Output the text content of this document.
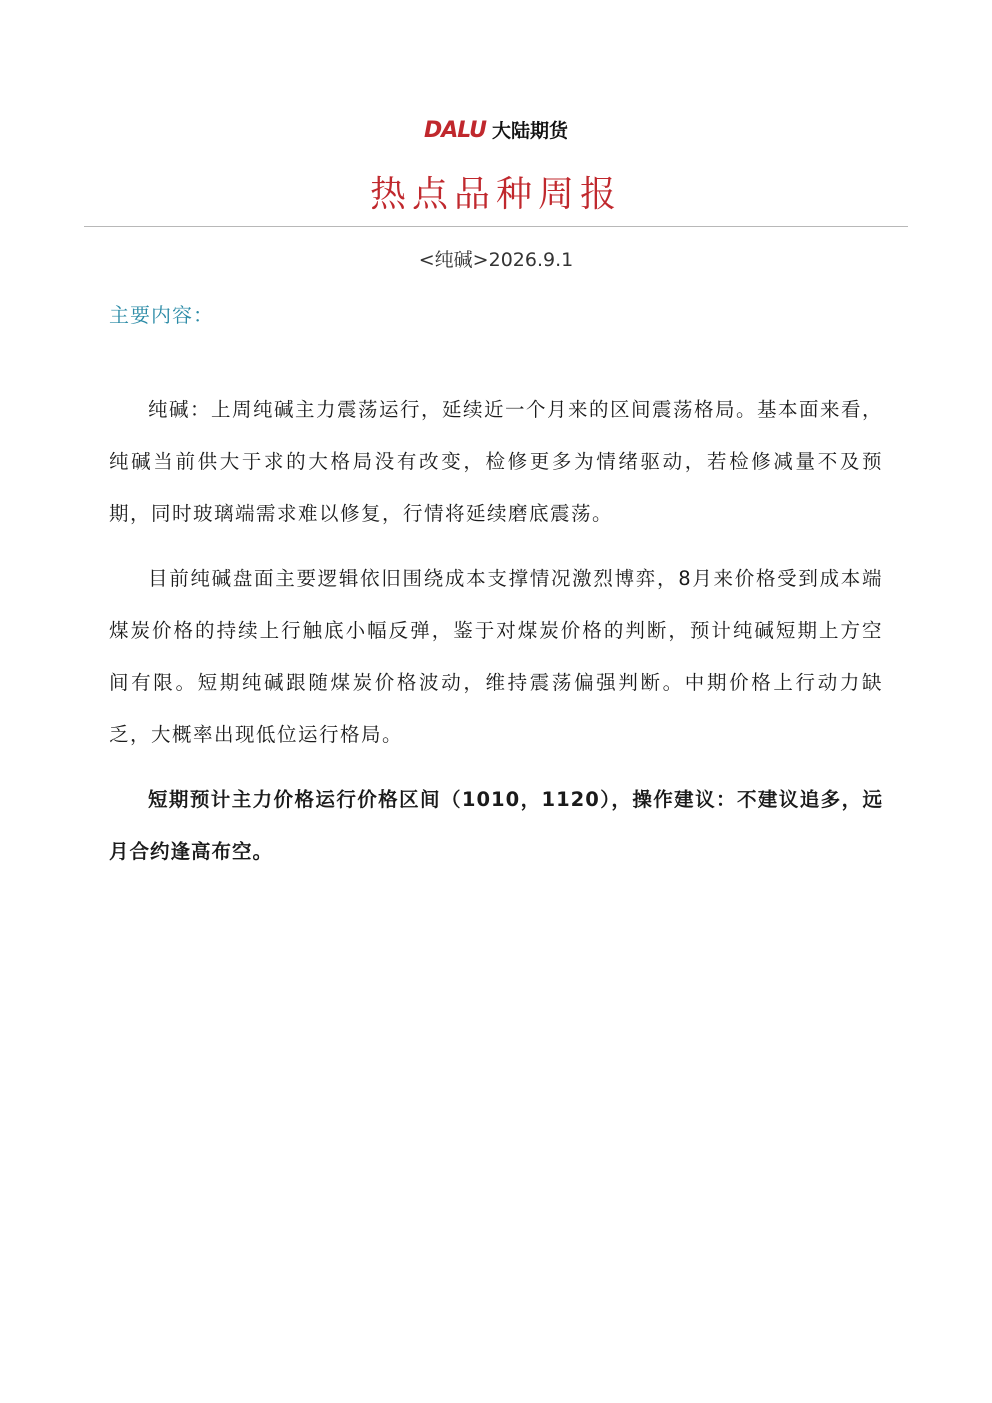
DALU 大陆期货
热点品种周报
<纯碱>2026.9.1
主要内容：

纯碱：上周纯碱主力震荡运行，延续近一个月来的区间震荡格局。基本面来看，纯碱当前供大于求的大格局没有改变，检修更多为情绪驱动，若检修减量不及预期，同时玻璃端需求难以修复，行情将延续磨底震荡。

目前纯碱盘面主要逻辑依旧围绕成本支撑情况激烈博弈，8月来价格受到成本端煤炭价格的持续上行触底小幅反弹，鉴于对煤炭价格的判断，预计纯碱短期上方空间有限。短期纯碱跟随煤炭价格波动，维持震荡偏强判断。中期价格上行动力缺乏，大概率出现低位运行格局。

短期预计主力价格运行价格区间（1010，1120），操作建议：不建议追多，远月合约逢高布空。
